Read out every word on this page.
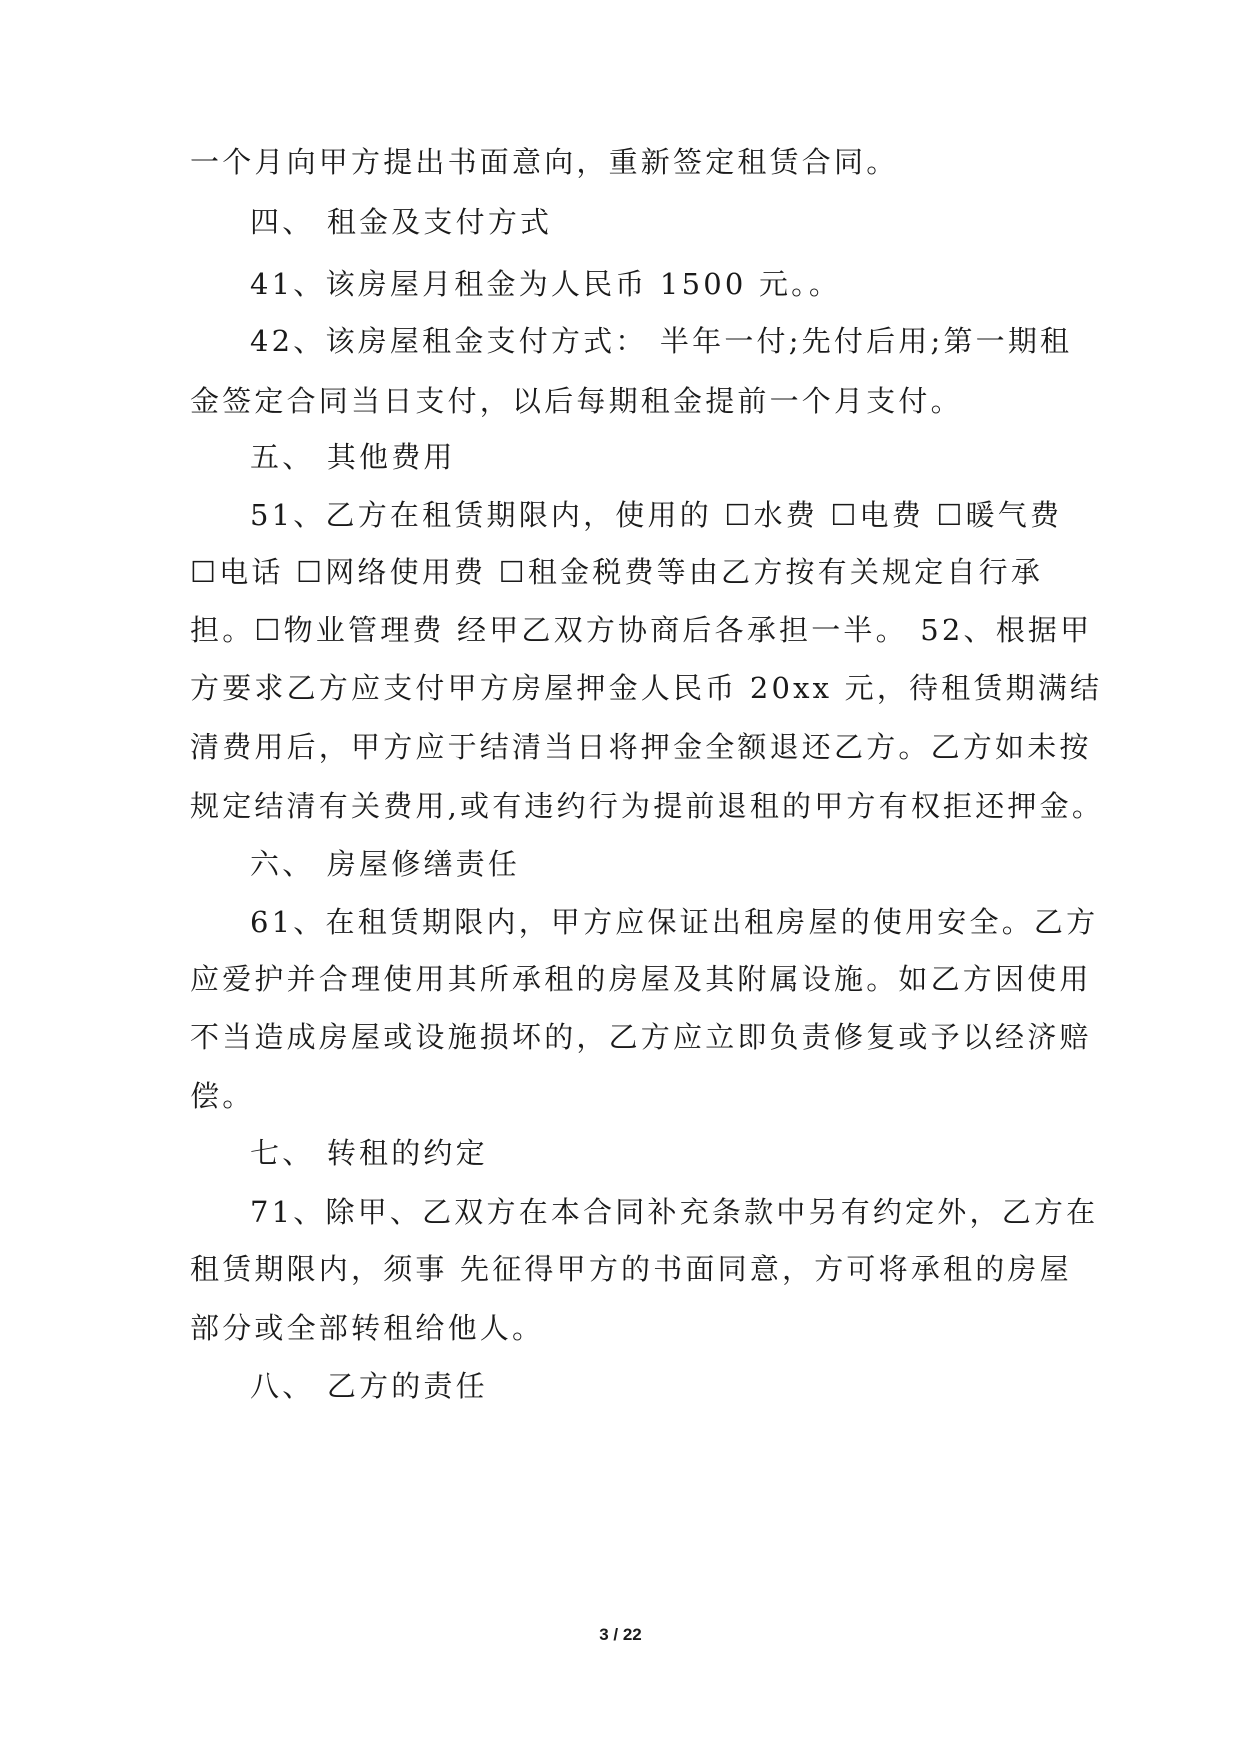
一个月向甲方提出书面意向，重新签定租赁合同。
四、 租金及支付方式
41、该房屋月租金为人民币 1500 元。。
42、该房屋租金支付方式： 半年一付;先付后用;第一期租
金签定合同当日支付，以后每期租金提前一个月支付。
五、 其他费用
51、乙方在租赁期限内，使用的 ☐水费 ☐电费 ☐暖气费
☐电话 ☐网络使用费 ☐租金税费等由乙方按有关规定自行承
担。☐物业管理费 经甲乙双方协商后各承担一半。 52、根据甲
方要求乙方应支付甲方房屋押金人民币 20xx 元，待租赁期满结
清费用后，甲方应于结清当日将押金全额退还乙方。乙方如未按
规定结清有关费用,或有违约行为提前退租的甲方有权拒还押金。
六、 房屋修缮责任
61、在租赁期限内，甲方应保证出租房屋的使用安全。乙方
应爱护并合理使用其所承租的房屋及其附属设施。如乙方因使用
不当造成房屋或设施损坏的，乙方应立即负责修复或予以经济赔
偿。
七、 转租的约定
71、除甲、乙双方在本合同补充条款中另有约定外，乙方在
租赁期限内，须事 先征得甲方的书面同意，方可将承租的房屋
部分或全部转租给他人。
八、 乙方的责任
3 / 22
